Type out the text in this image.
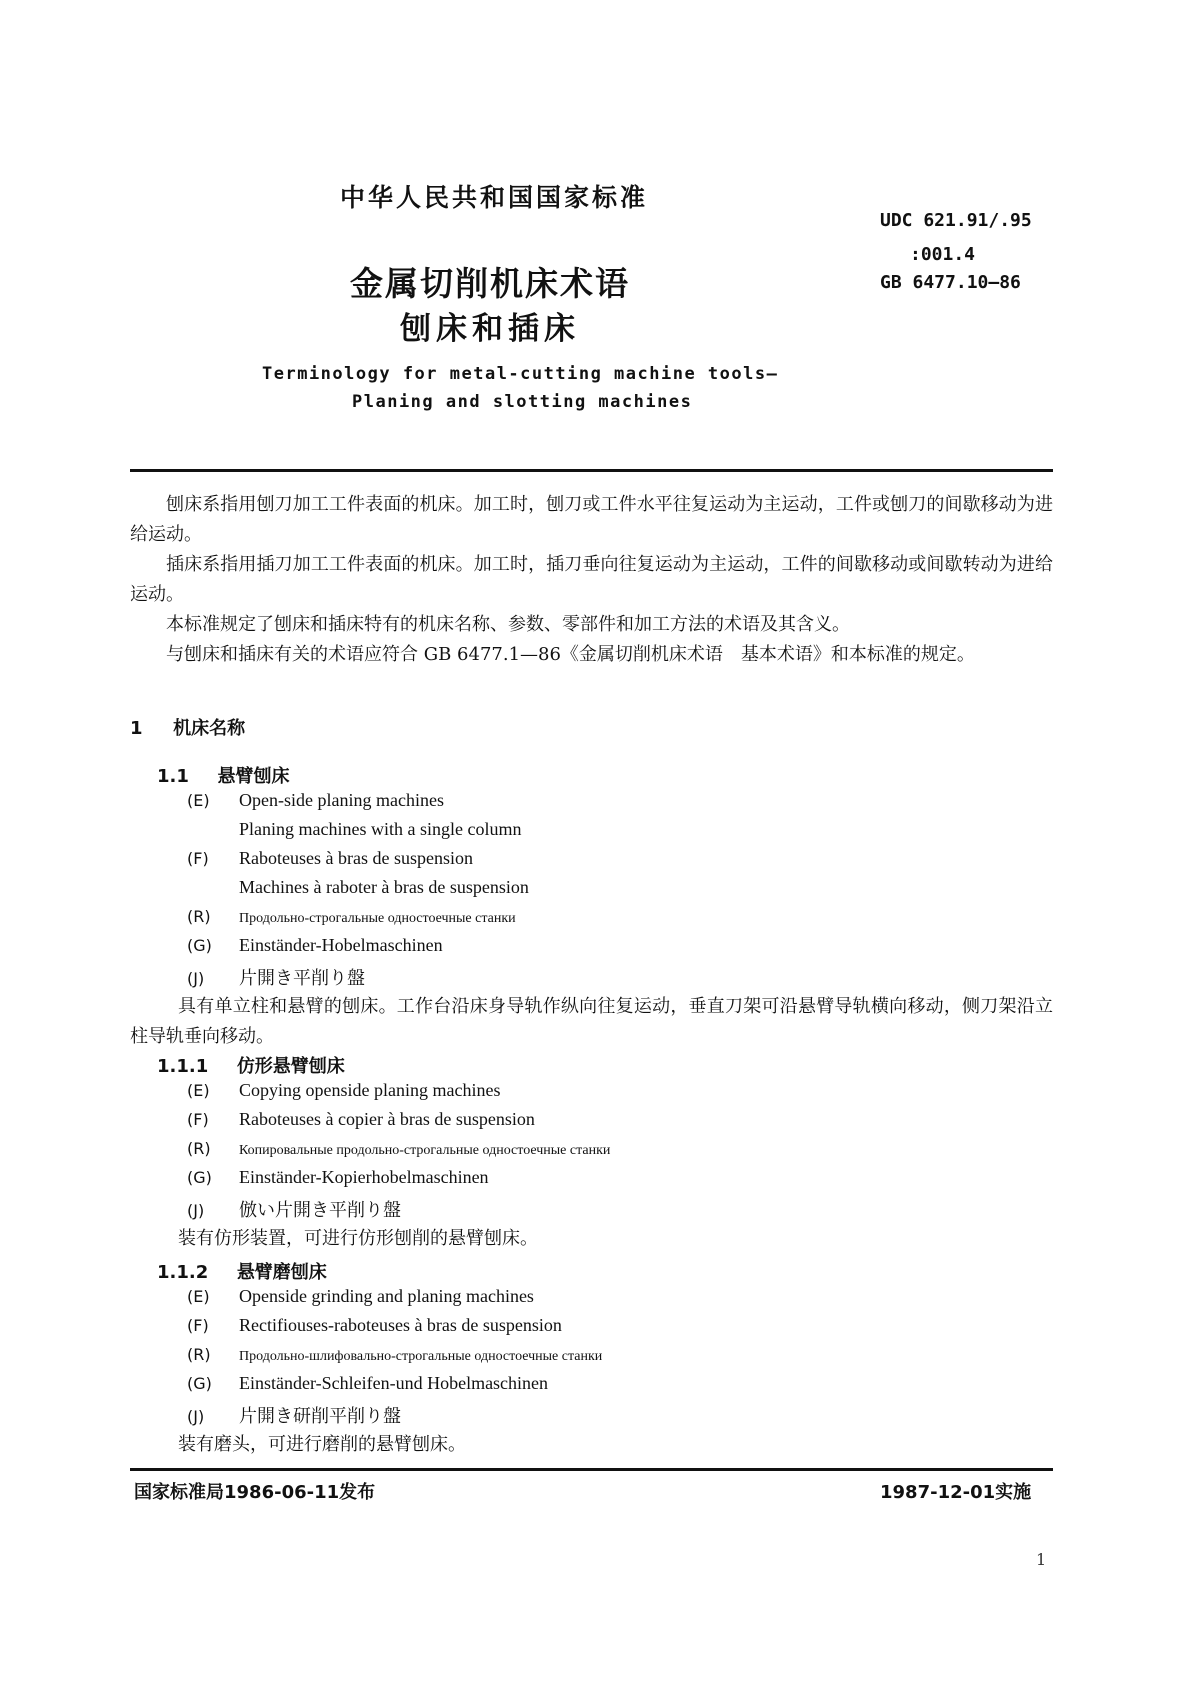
中华人民共和国国家标准
UDC 621.91/.95
:001.4
GB 6477.10—86
金属切削机床术语
刨床和插床
Terminology for metal-cutting machine tools—
Planing and slotting machines
刨床系指用刨刀加工工件表面的机床。加工时，刨刀或工件水平往复运动为主运动，工件或刨刀的间歇移动为进给运动。
插床系指用插刀加工工件表面的机床。加工时，插刀垂向往复运动为主运动，工件的间歇移动或间歇转动为进给运动。
本标准规定了刨床和插床特有的机床名称、参数、零部件和加工方法的术语及其含义。
与刨床和插床有关的术语应符合 GB 6477.1—86《金属切削机床术语　基本术语》和本标准的规定。
1 机床名称
1.1 悬臂刨床
(E) Open-side planing machines
Planing machines with a single column
(F) Raboteuses à bras de suspension
Machines à raboter à bras de suspension
(R) Продольно-строгальные одностоечные станки
(G) Einständer-Hobelmaschinen
(J) 片開き平削り盤
具有单立柱和悬臂的刨床。工作台沿床身导轨作纵向往复运动，垂直刀架可沿悬臂导轨横向移动，侧刀架沿立柱导轨垂向移动。
1.1.1 仿形悬臂刨床
(E) Copying openside planing machines
(F) Raboteuses à copier à bras de suspension
(R) Копировальные продольно-строгальные одностоечные станки
(G) Einständer-Kopierhobelmaschinen
(J) 倣い片開き平削り盤
装有仿形装置，可进行仿形刨削的悬臂刨床。
1.1.2 悬臂磨刨床
(E) Openside grinding and planing machines
(F) Rectifiouses-raboteuses à bras de suspension
(R) Продольно-шлифовально-строгальные одностоечные станки
(G) Einständer-Schleifen-und Hobelmaschinen
(J) 片開き研削平削り盤
装有磨头，可进行磨削的悬臂刨床。
国家标准局1986-06-11发布	1987-12-01实施
1
